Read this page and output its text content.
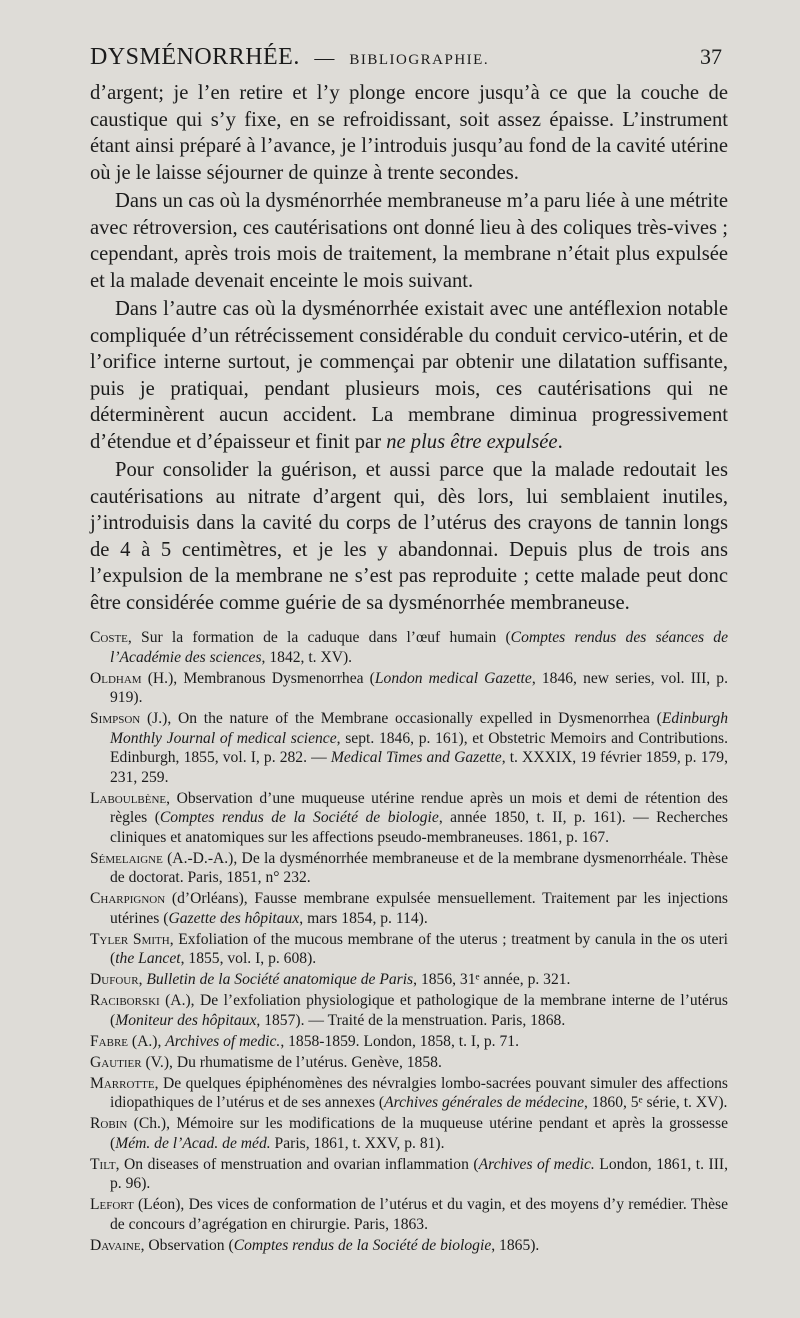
DYSMÉNORRHÉE. — BIBLIOGRAPHIE.	37

d’argent; je l’en retire et l’y plonge encore jusqu’à ce que la couche de caustique qui s’y fixe, en se refroidissant, soit assez épaisse. L’instrument étant ainsi préparé à l’avance, je l’introduis jusqu’au fond de la cavité utérine où je le laisse séjourner de quinze à trente secondes.

Dans un cas où la dysménorrhée membraneuse m’a paru liée à une métrite avec rétroversion, ces cautérisations ont donné lieu à des coliques très-vives ; cependant, après trois mois de traitement, la membrane n’était plus expulsée et la malade devenait enceinte le mois suivant.

Dans l’autre cas où la dysménorrhée existait avec une antéflexion notable compliquée d’un rétrécissement considérable du conduit cervico-utérin, et de l’orifice interne surtout, je commençai par obtenir une dilatation suffisante, puis je pratiquai, pendant plusieurs mois, ces cautérisations qui ne déterminèrent aucun accident. La membrane diminua progressivement d’étendue et d’épaisseur et finit par ne plus être expulsée.

Pour consolider la guérison, et aussi parce que la malade redoutait les cautérisations au nitrate d’argent qui, dès lors, lui semblaient inutiles, j’introduisis dans la cavité du corps de l’utérus des crayons de tannin longs de 4 à 5 centimètres, et je les y abandonnai. Depuis plus de trois ans l’expulsion de la membrane ne s’est pas reproduite ; cette malade peut donc être considérée comme guérie de sa dysménorrhée membraneuse.

Coste, Sur la formation de la caduque dans l’œuf humain (Comptes rendus des séances de l’Académie des sciences, 1842, t. XV).

Oldham (H.), Membranous Dysmenorrhea (London medical Gazette, 1846, new series, vol. III, p. 919).

Simpson (J.), On the nature of the Membrane occasionally expelled in Dysmenorrhea (Edinburgh Monthly Journal of medical science, sept. 1846, p. 161), et Obstetric Memoirs and Contributions. Edinburgh, 1855, vol. I, p. 282. — Medical Times and Gazette, t. XXXIX, 19 février 1859, p. 179, 231, 259.

Laboulbène, Observation d’une muqueuse utérine rendue après un mois et demi de rétention des règles (Comptes rendus de la Société de biologie, année 1850, t. II, p. 161). — Recherches cliniques et anatomiques sur les affections pseudo-membraneuses. 1861, p. 167.

Sémelaigne (A.-D.-A.), De la dysménorrhée membraneuse et de la membrane dysmenorrhéale. Thèse de doctorat. Paris, 1851, n° 232.

Charpignon (d’Orléans), Fausse membrane expulsée mensuellement. Traitement par les injections utérines (Gazette des hôpitaux, mars 1854, p. 114).

Tyler Smith, Exfoliation of the mucous membrane of the uterus ; treatment by canula in the os uteri (the Lancet, 1855, vol. I, p. 608).

Dufour, Bulletin de la Société anatomique de Paris, 1856, 31ᵉ année, p. 321.

Raciborski (A.), De l’exfoliation physiologique et pathologique de la membrane interne de l’utérus (Moniteur des hôpitaux, 1857). — Traité de la menstruation. Paris, 1868.

Fabre (A.), Archives of medic., 1858-1859. London, 1858, t. I, p. 71.

Gautier (V.), Du rhumatisme de l’utérus. Genève, 1858.

Marrotte, De quelques épiphénomènes des névralgies lombo-sacrées pouvant simuler des affections idiopathiques de l’utérus et de ses annexes (Archives générales de médecine, 1860, 5ᵉ série, t. XV).

Robin (Ch.), Mémoire sur les modifications de la muqueuse utérine pendant et après la grossesse (Mém. de l’Acad. de méd. Paris, 1861, t. XXV, p. 81).

Tilt, On diseases of menstruation and ovarian inflammation (Archives of medic. London, 1861, t. III, p. 96).

Lefort (Léon), Des vices de conformation de l’utérus et du vagin, et des moyens d’y remédier. Thèse de concours d’agrégation en chirurgie. Paris, 1863.

Davaine, Observation (Comptes rendus de la Société de biologie, 1865).
